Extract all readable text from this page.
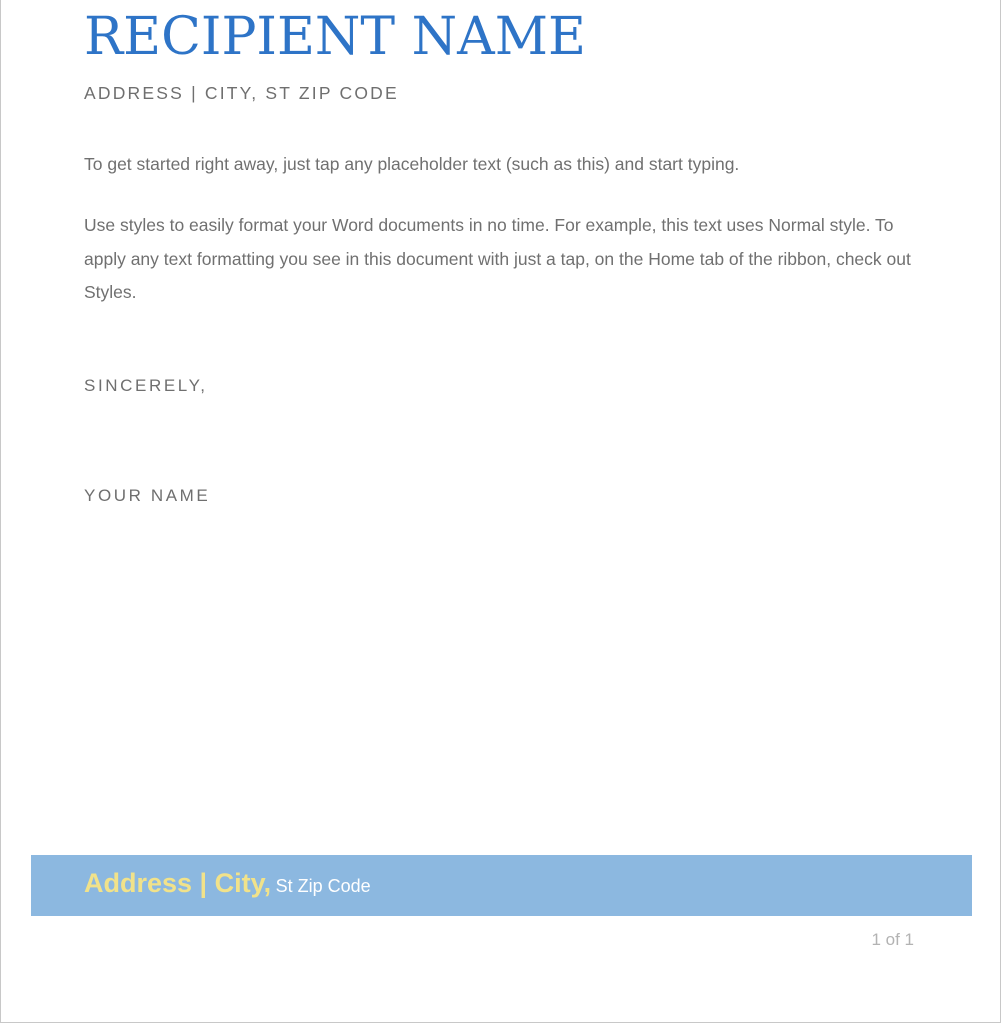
RECIPIENT NAME
ADDRESS | CITY, ST ZIP CODE

To get started right away, just tap any placeholder text (such as this) and start typing.

Use styles to easily format your Word documents in no time. For example, this text uses Normal style. To apply any text formatting you see in this document with just a tap, on the Home tab of the ribbon, check out Styles.

SINCERELY,
YOUR NAME
Address | City, St Zip Code
1 of 1
